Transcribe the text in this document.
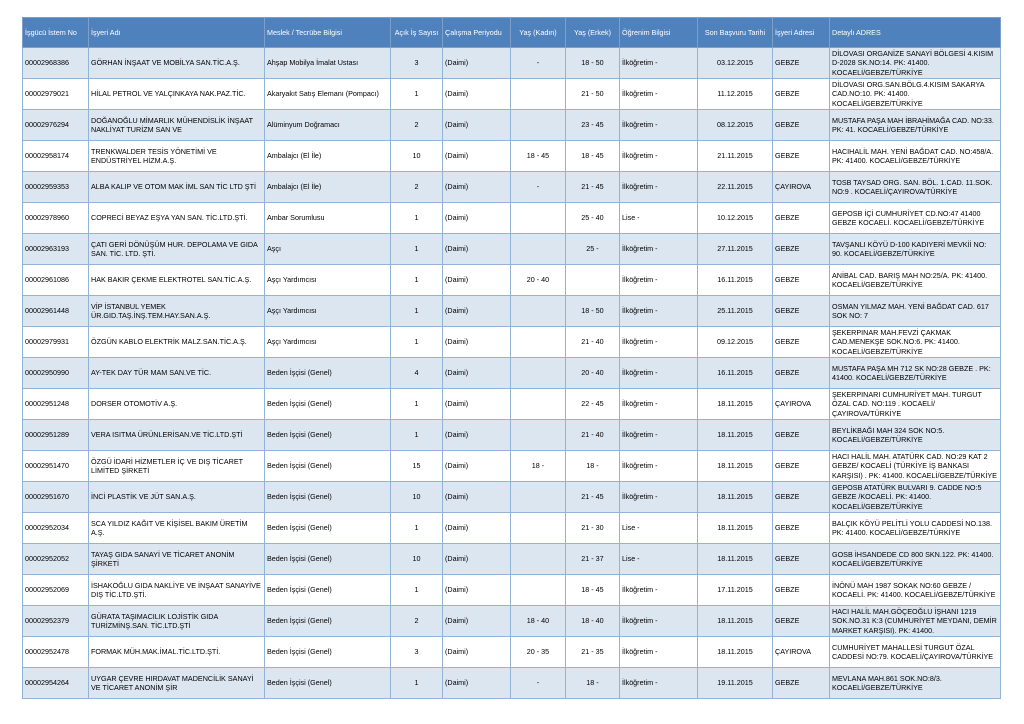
İşgücü İstem No	İşyeri Adı	Meslek / Tecrübe Bilgisi	Açık İş Sayısı	Çalışma Periyodu	Yaş (Kadın)	Yaş (Erkek)	Öğrenim Bilgisi	Son Başvuru Tarihi	İşyeri Adresi	Detaylı ADRES
00002968386	GÖRHAN İNŞAAT VE MOBİLYA SAN.TİC.A.Ş.	Ahşap Mobilya İmalat Ustası	3	(Daimi)	-	18 - 50	İlköğretim -	03.12.2015	GEBZE	DİLOVASI ORGANİZE SANAYİ BÖLGESİ 4.KISIM D-2028 SK.NO:14. PK: 41400. KOCAELİ/GEBZE/TÜRKİYE
00002979021	HİLAL PETROL VE YALÇINKAYA NAK.PAZ.TİC.	Akaryakıt Satış Elemanı (Pompacı)	1	(Daimi)		21 - 50	İlköğretim -	11.12.2015	GEBZE	DİLOVASI ORG.SAN.BÖLG.4.KISIM SAKARYA CAD.NO:10. PK: 41400. KOCAELİ/GEBZE/TÜRKİYE
00002976294	DOĞANOĞLU MİMARLIK MÜHENDİSLİK İNŞAAT NAKLİYAT TURİZM SAN VE	Alüminyum Doğramacı	2	(Daimi)		23 - 45	İlköğretim -	08.12.2015	GEBZE	MUSTAFA PAŞA MAH İBRAHİMAĞA CAD. NO:33. PK: 41. KOCAELİ/GEBZE/TÜRKİYE
00002958174	TRENKWALDER TESİS YÖNETİMİ VE ENDÜSTRİYEL HİZM.A.Ş.	Ambalajcı (El İle)	10	(Daimi)	18 - 45	18 - 45	İlköğretim -	21.11.2015	GEBZE	HACIHALİL MAH. YENİ BAĞDAT CAD. NO:458/A. PK: 41400. KOCAELİ/GEBZE/TÜRKİYE
00002959353	ALBA KALIP VE OTOM MAK İML SAN TİC LTD ŞTİ	Ambalajcı (El İle)	2	(Daimi)	-	21 - 45	İlköğretim -	22.11.2015	ÇAYIROVA	TOSB TAYSAD ORG. SAN. BÖL. 1.CAD. 11.SOK. NO:9 . KOCAELİ/ÇAYIROVA/TÜRKİYE
00002978960	COPRECİ BEYAZ EŞYA YAN SAN. TİC.LTD.ŞTİ.	Ambar Sorumlusu	1	(Daimi)		25 - 40	Lise -	10.12.2015	GEBZE	GEPOSB İÇİ CUMHURİYET CD.NO:47 41400 GEBZE KOCAELİ. KOCAELİ/GEBZE/TÜRKİYE
00002963193	ÇATI GERİ DÖNÜŞÜM HUR. DEPOLAMA VE GIDA SAN. TİC. LTD. ŞTİ.	Aşçı	1	(Daimi)		25 -	İlköğretim -	27.11.2015	GEBZE	TAVŞANLI KÖYÜ D-100 KADIYERİ MEVKİİ NO: 90. KOCAELİ/GEBZE/TÜRKİYE
00002961086	HAK BAKIR ÇEKME ELEKTROTEL SAN.TİC.A.Ş.	Aşçı Yardımcısı	1	(Daimi)	20 - 40		İlköğretim -	16.11.2015	GEBZE	ANİBAL CAD. BARIŞ MAH NO:25/A. PK: 41400. KOCAELİ/GEBZE/TÜRKİYE
00002961448	VİP İSTANBUL YEMEK ÜR.GID.TAŞ.İNŞ.TEM.HAY.SAN.A.Ş.	Aşçı Yardımcısı	1	(Daimi)		18 - 50	İlköğretim -	25.11.2015	GEBZE	OSMAN YILMAZ MAH. YENİ BAĞDAT CAD. 617 SOK NO: 7
00002979931	ÖZGÜN KABLO ELEKTRİK MALZ.SAN.TİC.A.Ş.	Aşçı Yardımcısı	1	(Daimi)		21 - 40	İlköğretim -	09.12.2015	GEBZE	ŞEKERPINAR MAH.FEVZİ ÇAKMAK CAD.MENEKŞE SOK.NO:6. PK: 41400. KOCAELİ/GEBZE/TÜRKİYE
00002950990	AY-TEK DAY TÜR MAM SAN.VE TİC.	Beden İşçisi (Genel)	4	(Daimi)		20 - 40	İlköğretim -	16.11.2015	GEBZE	MUSTAFA PAŞA MH 712 SK NO:28 GEBZE . PK: 41400. KOCAELİ/GEBZE/TÜRKİYE
00002951248	DORSER OTOMOTİV A.Ş.	Beden İşçisi (Genel)	1	(Daimi)		22 - 45	İlköğretim -	18.11.2015	ÇAYIROVA	ŞEKERPINARI CUMHURİYET MAH. TURGUT ÖZAL CAD. NO:119 . KOCAELİ/ÇAYIROVA/TÜRKİYE
00002951289	VERA ISITMA ÜRÜNLERİSAN.VE TİC.LTD.ŞTİ	Beden İşçisi (Genel)	1	(Daimi)		21 - 40	İlköğretim -	18.11.2015	GEBZE	BEYLİKBAĞI MAH 324 SOK NO:5. KOCAELİ/GEBZE/TÜRKİYE
00002951470	ÖZGÜ İDARİ HİZMETLER İÇ VE DIŞ TİCARET LİMİTED ŞİRKETİ	Beden İşçisi (Genel)	15	(Daimi)	18 -	18 -	İlköğretim -	18.11.2015	GEBZE	HACI HALİL MAH. ATATÜRK CAD. NO:29 KAT 2 GEBZE/ KOCAELİ (TÜRKİYE İŞ BANKASI KARŞISI) . PK: 41400. KOCAELİ/GEBZE/TÜRKİYE
00002951670	İNCİ PLASTİK VE JÜT SAN.A.Ş.	Beden İşçisi (Genel)	10	(Daimi)		21 - 45	İlköğretim -	18.11.2015	GEBZE	GEPOSB ATATÜRK BULVARI 9. CADDE NO:5 GEBZE /KOCAELİ. PK: 41400. KOCAELİ/GEBZE/TÜRKİYE
00002952034	SCA YILDIZ KAĞIT VE KİŞİSEL BAKIM ÜRETİM A.Ş.	Beden İşçisi (Genel)	1	(Daimi)		21 - 30	Lise -	18.11.2015	GEBZE	BALÇIK KÖYÜ PELİTLİ YOLU CADDESİ NO.138. PK: 41400. KOCAELİ/GEBZE/TÜRKİYE
00002952052	TAYAŞ GIDA SANAYİ VE TİCARET ANONİM ŞİRKETİ	Beden İşçisi (Genel)	10	(Daimi)		21 - 37	Lise -	18.11.2015	GEBZE	GOSB İHSANDEDE CD 800 SKN.122. PK: 41400. KOCAELİ/GEBZE/TÜRKİYE
00002952069	İSHAKOĞLU GIDA NAKLİYE VE İNŞAAT SANAYİVE DIŞ TİC.LTD.ŞTİ.	Beden İşçisi (Genel)	1	(Daimi)		18 - 45	İlköğretim -	17.11.2015	GEBZE	İNÖNÜ MAH 1987 SOKAK NO:60 GEBZE / KOCAELİ. PK: 41400. KOCAELİ/GEBZE/TÜRKİYE
00002952379	GÜRATA TAŞIMACILIK LOJİSTİK GIDA TURİZMİNŞ.SAN. TİC.LTD.ŞTİ	Beden İşçisi (Genel)	2	(Daimi)	18 - 40	18 - 40	İlköğretim -	18.11.2015	GEBZE	HACI HALİL MAH.GÖÇEOĞLU İŞHANI 1219 SOK.NO.31 K:3 (CUMHURİYET MEYDANI, DEMİR MARKET KARŞISI). PK: 41400.
00002952478	FORMAK MÜH.MAK.İMAL.TİC.LTD.ŞTİ.	Beden İşçisi (Genel)	3	(Daimi)	20 - 35	21 - 35	İlköğretim -	18.11.2015	ÇAYIROVA	CUMHURİYET MAHALLESİ TURGUT ÖZAL CADDESİ NO:79. KOCAELİ/ÇAYIROVA/TÜRKİYE
00002954264	UYGAR ÇEVRE HIRDAVAT MADENCİLİK SANAYİ VE TİCARET ANONİM ŞİR	Beden İşçisi (Genel)	1	(Daimi)	-	18 -	İlköğretim -	19.11.2015	GEBZE	MEVLANA MAH.861 SOK.NO:8/3. KOCAELİ/GEBZE/TÜRKİYE
